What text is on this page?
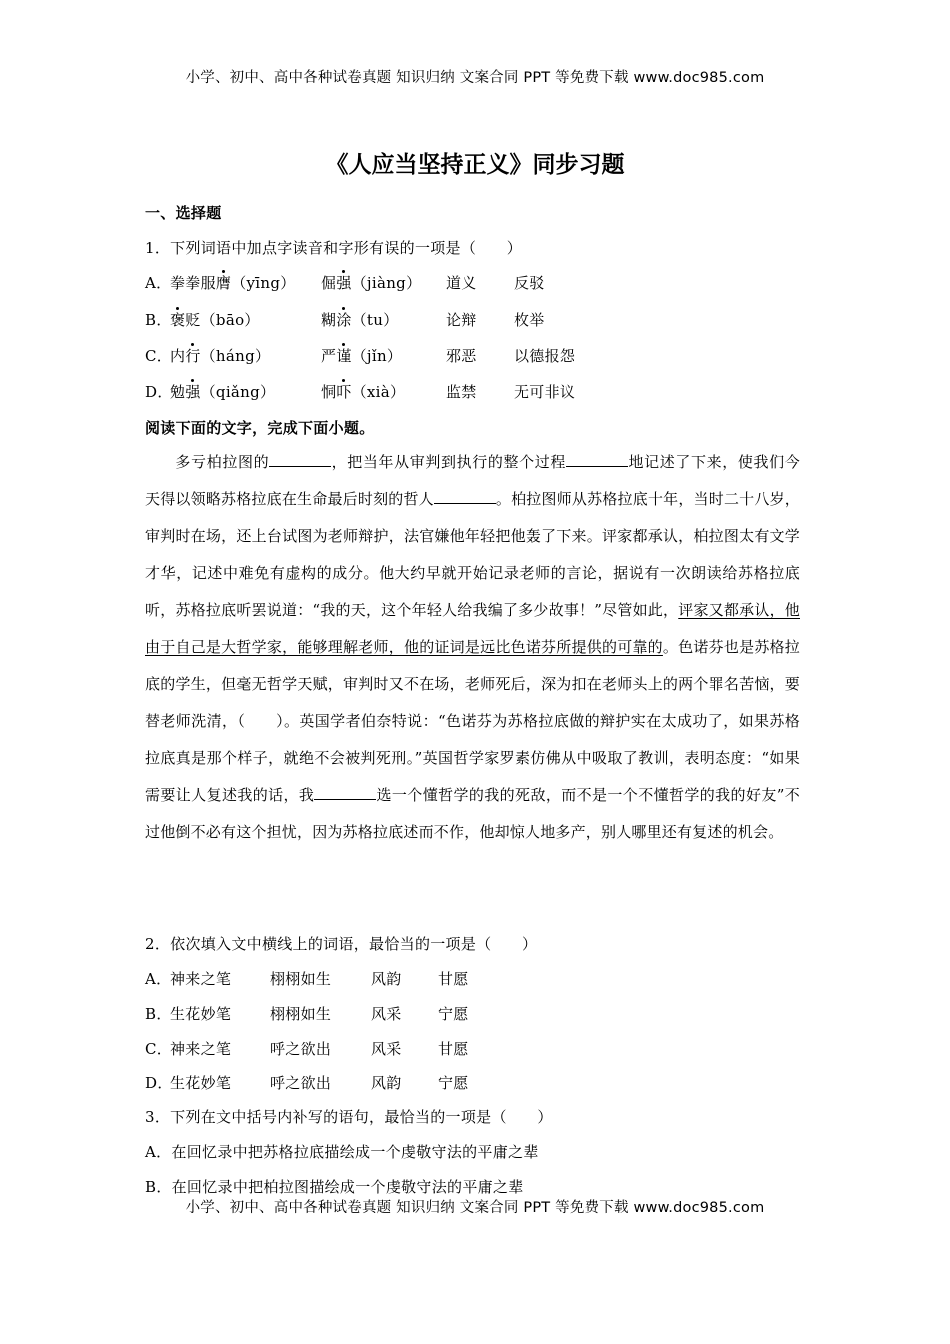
小学、初中、高中各种试卷真题 知识归纳 文案合同 PPT 等免费下载 www.doc985.com
《人应当坚持正义》同步习题
一、选择题
1．下列词语中加点字读音和字形有误的一项是（　　）
A．
拳拳服膺（yīng） 倔强（jiàng） 道义 反驳
B．
褒贬（bāo）	糊涂（tu）	论辩 枚举
C．
内行（háng）	严谨（jǐn）	邪恶 以德报怨
D．
勉强（qiǎng）	恫吓（xià）	监禁 无可非议
阅读下面的文字，完成下面小题。
多亏柏拉图的	，把当年从审判到执行的整个过程	地记述了下来，使我们今天得以领略苏格拉底在生命最后时刻的哲人	。柏拉图师从苏格拉底十年，当时二十八岁，审判时在场，还上台试图为老师辩护，法官嫌他年轻把他轰了下来。评家都承认，柏拉图太有文学才华，记述中难免有虚构的成分。他大约早就开始记录老师的言论，据说有一次朗读给苏格拉底听，苏格拉底听罢说道：“我的天，这个年轻人给我编了多少故事！”尽管如此，评家又都承认，他由于自己是大哲学家，能够理解老师，他的证词是远比色诺芬所提供的可靠的。色诺芬也是苏格拉底的学生，但毫无哲学天赋，审判时又不在场，老师死后，深为扣在老师头上的两个罪名苦恼，要替老师洗清，（　　）。英国学者伯奈特说：“色诺芬为苏格拉底做的辩护实在太成功了，如果苏格拉底真是那个样子，就绝不会被判死刑。”英国哲学家罗素仿佛从中吸取了教训，表明态度：“如果需要让人复述我的话，我	选一个懂哲学的我的死敌，而不是一个不懂哲学的我的好友”不过他倒不必有这个担忧，因为苏格拉底述而不作，他却惊人地多产，别人哪里还有复述的机会。
2．依次填入文中横线上的词语，最恰当的一项是（　　）
A．
神来之笔	栩栩如生	风韵 甘愿
B．
生花妙笔	栩栩如生	风采 宁愿
C．
神来之笔	呼之欲出	风采 甘愿
D．
生花妙笔	呼之欲出	风韵 宁愿
3．下列在文中括号内补写的语句，最恰当的一项是（　　）
A．在回忆录中把苏格拉底描绘成一个虔敬守法的平庸之辈
B．在回忆录中把柏拉图描绘成一个虔敬守法的平庸之辈
小学、初中、高中各种试卷真题 知识归纳 文案合同 PPT 等免费下载 www.doc985.com
